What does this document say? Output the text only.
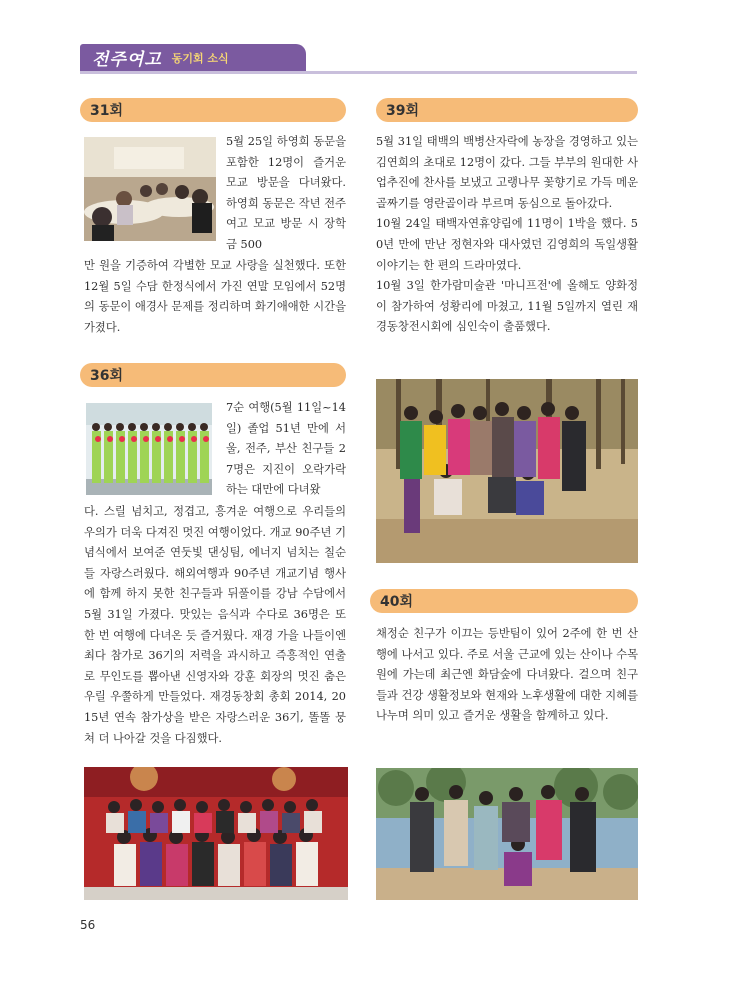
전주여고 동기회 소식
31회
5월 25일 하영희 동문을 포함한 12명이 즐거운 모교 방문을 다녀왔다. 하영희 동문은 작년 전주여고 모교 방문 시 장학금 500
만 원을 기증하여 각별한 모교 사랑을 실천했다. 또한 12월 5일 수담 한정식에서 가진 연말 모임에서 52명의 동문이 애경사 문제를 정리하며 화기애애한 시간을 가졌다.
36회
7순 여행(5월 11일~14일) 졸업 51년 만에 서울, 전주, 부산 친구들 27명은 지진이 오락가락하는 대만에 다녀왔
다. 스릴 넘치고, 정겹고, 흥겨운 여행으로 우리들의 우의가 더욱 다져진 멋진 여행이었다. 개교 90주년 기념식에서 보여준 연둣빛 댄싱팀, 에너지 넘치는 칠순들 자랑스러웠다. 해외여행과 90주년 개교기념 행사에 함께 하지 못한 친구들과 뒤풀이를 강남 수담에서 5월 31일 가졌다. 맛있는 음식과 수다로 36명은 또 한 번 여행에 다녀온 듯 즐거웠다. 재경 가을 나들이엔 최다 참가로 36기의 저력을 과시하고 즉흥적인 연출로 무인도를 뽑아낸 신영자와 강훈 회장의 멋진 춤은 우릴 우쭐하게 만들었다. 재경동창회 총회 2014, 2015년 연속 참가상을 받은 자랑스러운 36기, 똘똘 뭉쳐 더 나아갈 것을 다짐했다.
39회

5월 31일 태백의 백병산자락에 농장을 경영하고 있는 김연희의 초대로 12명이 갔다. 그들 부부의 원대한 사업추진에 찬사를 보냈고 고랭나무 꽃향기로 가득 메운 골짜기를 영란골이라 부르며 동심으로 돌아갔다.

10월 24일 태백자연휴양림에 11명이 1박을 했다. 50년 만에 만난 정현자와 대사였던 김영희의 독일생활 이야기는 한 편의 드라마였다.

10월 3일 한가람미술관 '마니프전'에 올해도 양화정이 참가하여 성황리에 마쳤고, 11월 5일까지 열린 재경동창전시회에 심인숙이 출품했다.

40회
채정순 친구가 이끄는 등반팀이 있어 2주에 한 번 산행에 나서고 있다. 주로 서울 근교에 있는 산이나 수목원에 가는데 최근엔 화담숲에 다녀왔다. 걸으며 친구들과 건강 생활정보와 현재와 노후생활에 대한 지혜를 나누며 의미 있고 즐거운 생활을 함께하고 있다.
56
